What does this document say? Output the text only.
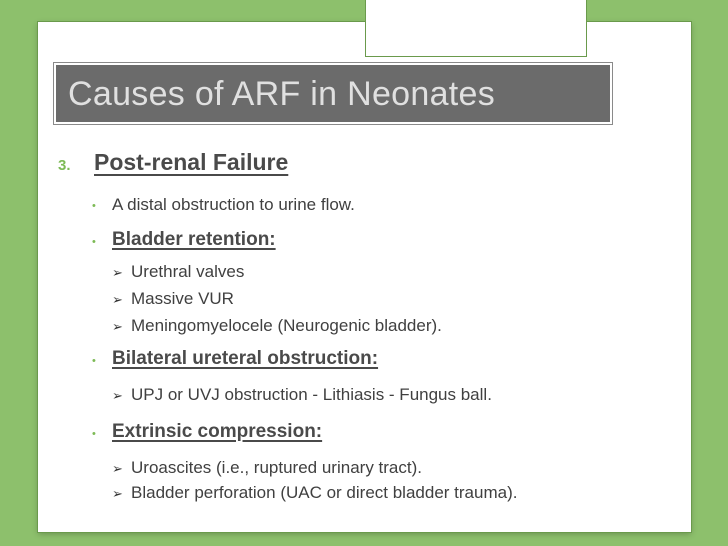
Causes of ARF in Neonates
3. Post-renal Failure
• A distal obstruction to urine flow.
• Bladder retention:
➢ Urethral valves
➢ Massive VUR
➢ Meningomyelocele (Neurogenic bladder).
• Bilateral ureteral obstruction:
➢ UPJ or UVJ obstruction - Lithiasis - Fungus ball.
• Extrinsic compression:
➢ Uroascites (i.e., ruptured urinary tract).
➢ Bladder perforation (UAC or direct bladder trauma).
